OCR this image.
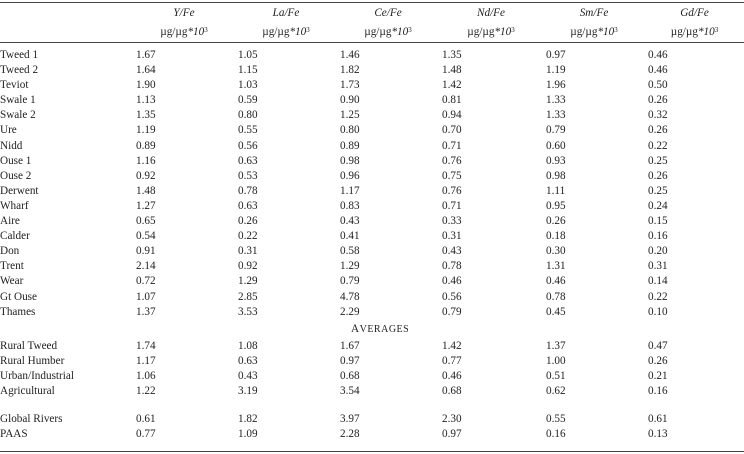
	Y/Fe	La/Fe	Ce/Fe	Nd/Fe	Sm/Fe	Gd/Fe
	$\mu g/\mu g*10^3$	$\mu g/\mu g*10^3$	$\mu g/\mu g*10^3$	$\mu g/\mu g*10^3$	$\mu g/\mu g*10^3$	$\mu g/\mu g*10^3$

Tweed 1	1.67	1.05	1.46	1.35	0.97	0.46
Tweed 2	1.64	1.15	1.82	1.48	1.19	0.46
Teviot	1.90	1.03	1.73	1.42	1.96	0.50
Swale 1	1.13	0.59	0.90	0.81	1.33	0.26
Swale 2	1.35	0.80	1.25	0.94	1.33	0.32
Ure	1.19	0.55	0.80	0.70	0.79	0.26
Nidd	0.89	0.56	0.89	0.71	0.60	0.22
Ouse 1	1.16	0.63	0.98	0.76	0.93	0.25
Ouse 2	0.92	0.53	0.96	0.75	0.98	0.26
Derwent	1.48	0.78	1.17	0.76	1.11	0.25
Wharf	1.27	0.63	0.83	0.71	0.95	0.24
Aire	0.65	0.26	0.43	0.33	0.26	0.15
Calder	0.54	0.22	0.41	0.31	0.18	0.16
Don	0.91	0.31	0.58	0.43	0.30	0.20
Trent	2.14	0.92	1.29	0.78	1.31	0.31
Wear	0.72	1.29	0.79	0.46	0.46	0.14
Gt Ouse	1.07	2.85	4.78	0.56	0.78	0.22
Thames	1.37	3.53	2.29	0.79	0.45	0.10
	AVERAGES					
Rural Tweed	1.74	1.08	1.67	1.42	1.37	0.47
Rural Humber	1.17	0.63	0.97	0.77	1.00	0.26
Urban/Industrial	1.06	0.43	0.68	0.46	0.51	0.21
Agricultural	1.22	3.19	3.54	0.68	0.62	0.16

Global Rivers	0.61	1.82	3.97	2.30	0.55	0.61
PAAS	0.77	1.09	2.28	0.97	0.16	0.13
